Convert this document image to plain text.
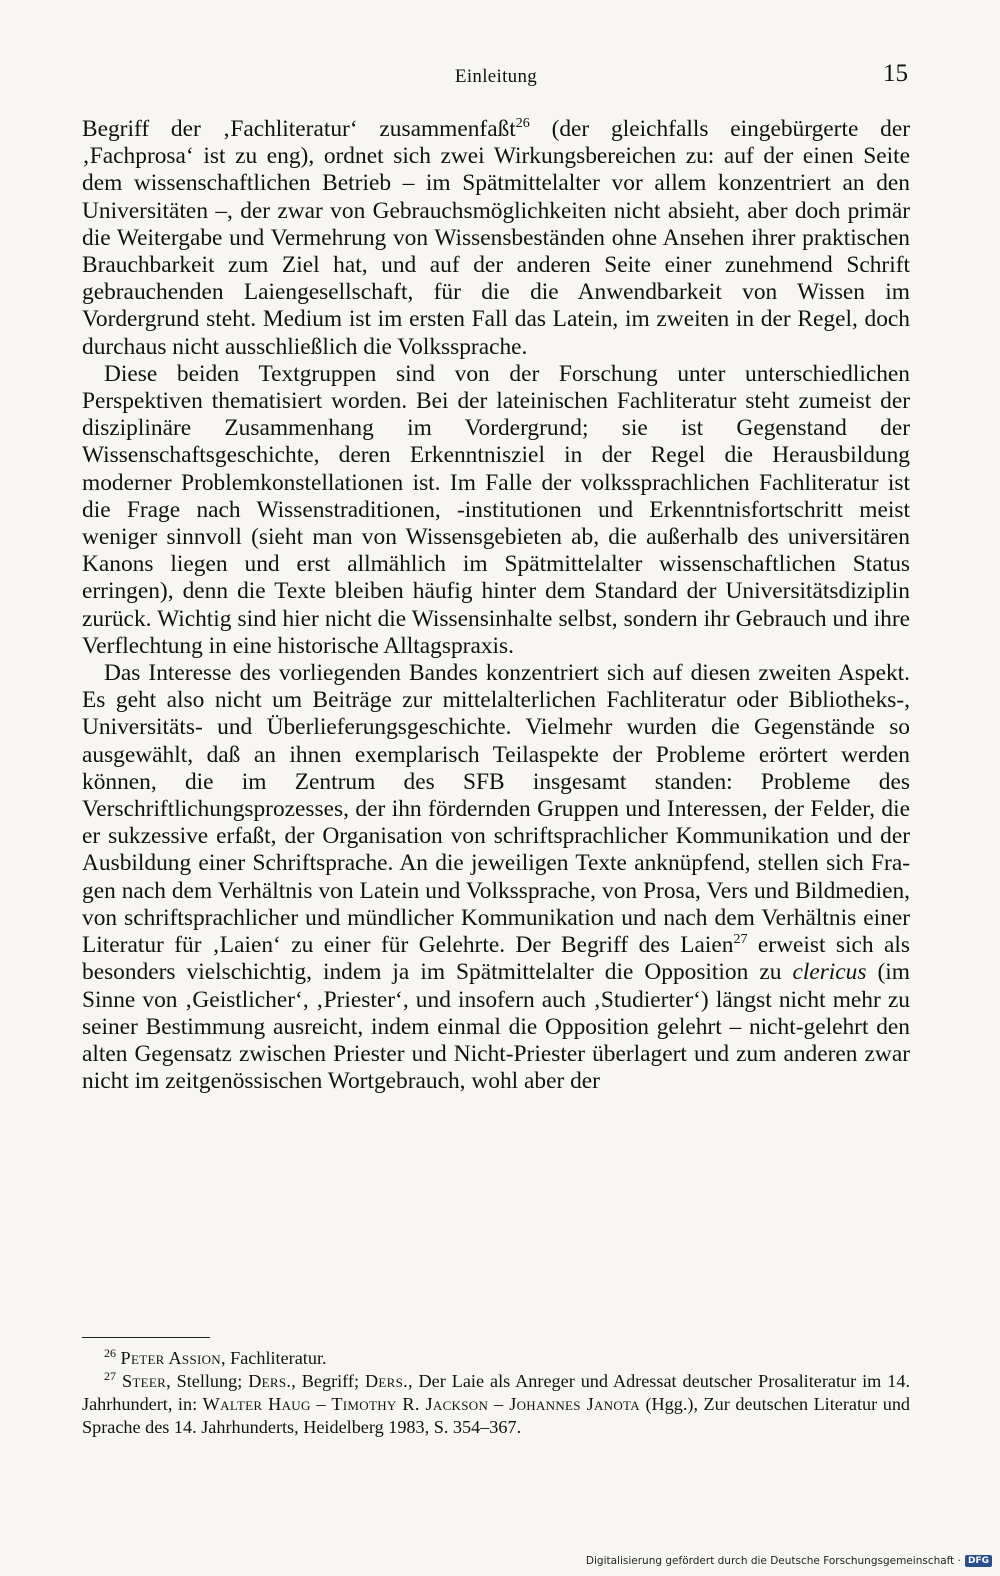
Einleitung	15

Begriff der ‚Fachliteratur‘ zusammenfaßt$^{26}$ (der gleichfalls eingebürgerte der ‚Fachprosa‘ ist zu eng), ordnet sich zwei Wirkungsbereichen zu: auf der einen Seite dem wissenschaftlichen Betrieb – im Spätmittelalter vor allem konzentriert an den Universitäten –, der zwar von Gebrauchsmöglichkeiten nicht absieht, aber doch primär die Weitergabe und Vermehrung von Wissensbeständen ohne Ansehen ihrer praktischen Brauchbarkeit zum Ziel hat, und auf der anderen Seite einer zunehmend Schrift gebrauchenden Laiengesellschaft, für die die Anwendbarkeit von Wissen im Vordergrund steht. Medium ist im ersten Fall das Latein, im zweiten in der Regel, doch durchaus nicht ausschließlich die Volkssprache.

Diese beiden Textgruppen sind von der Forschung unter unterschiedlichen Perspektiven thematisiert worden. Bei der lateinischen Fachliteratur steht zumeist der disziplinäre Zusammenhang im Vordergrund; sie ist Gegenstand der Wissenschaftsgeschichte, deren Erkenntnisziel in der Regel die Herausbildung moderner Problemkonstellationen ist. Im Falle der volkssprachlichen Fachliteratur ist die Frage nach Wissenstraditionen, -institutionen und Erkenntnisfortschritt meist weniger sinnvoll (sieht man von Wissensgebieten ab, die außerhalb des universitären Kanons liegen und erst allmählich im Spätmittelalter wissenschaftlichen Status erringen), denn die Texte bleiben häufig hinter dem Standard der Universitätsdiziplin zurück. Wichtig sind hier nicht die Wissensinhalte selbst, sondern ihr Gebrauch und ihre Verflechtung in eine historische Alltagspraxis.

Das Interesse des vorliegenden Bandes konzentriert sich auf diesen zweiten Aspekt. Es geht also nicht um Beiträge zur mittelalterlichen Fachliteratur oder Bibliotheks-, Universitäts- und Überlieferungsgeschichte. Vielmehr wurden die Gegenstände so ausgewählt, daß an ihnen exemplarisch Teilaspekte der Probleme erörtert werden können, die im Zentrum des SFB insgesamt standen: Probleme des Verschriftlichungsprozesses, der ihn fördernden Gruppen und Interessen, der Felder, die er sukzessive erfaßt, der Organisation von schriftsprachlicher Kommunikation und der Ausbildung einer Schriftsprache. An die jeweiligen Texte anknüpfend, stellen sich Fragen nach dem Verhältnis von Latein und Volkssprache, von Prosa, Vers und Bildmedien, von schriftsprachlicher und mündlicher Kommunikation und nach dem Verhältnis einer Literatur für ‚Laien‘ zu einer für Gelehrte. Der Begriff des Laien$^{27}$ erweist sich als besonders vielschichtig, indem ja im Spätmittelalter die Opposition zu clericus (im Sinne von ‚Geistlicher‘, ‚Priester‘, und insofern auch ‚Studierter‘) längst nicht mehr zu seiner Bestimmung ausreicht, indem einmal die Opposition gelehrt – nicht-gelehrt den alten Gegensatz zwischen Priester und Nicht-Priester überlagert und zum anderen zwar nicht im zeitgenössischen Wortgebrauch, wohl aber der

$^{26}$ Peter Assion, Fachliteratur.

$^{27}$ Steer, Stellung; Ders., Begriff; Ders., Der Laie als Anreger und Adressat deutscher Prosaliteratur im 14. Jahrhundert, in: Walter Haug – Timothy R. Jackson – Johannes Janota (Hgg.), Zur deutschen Literatur und Sprache des 14. Jahrhunderts, Heidelberg 1983, S. 354–367.

Digitalisierung gefördert durch die Deutsche Forschungsgemeinschaft · DFG
